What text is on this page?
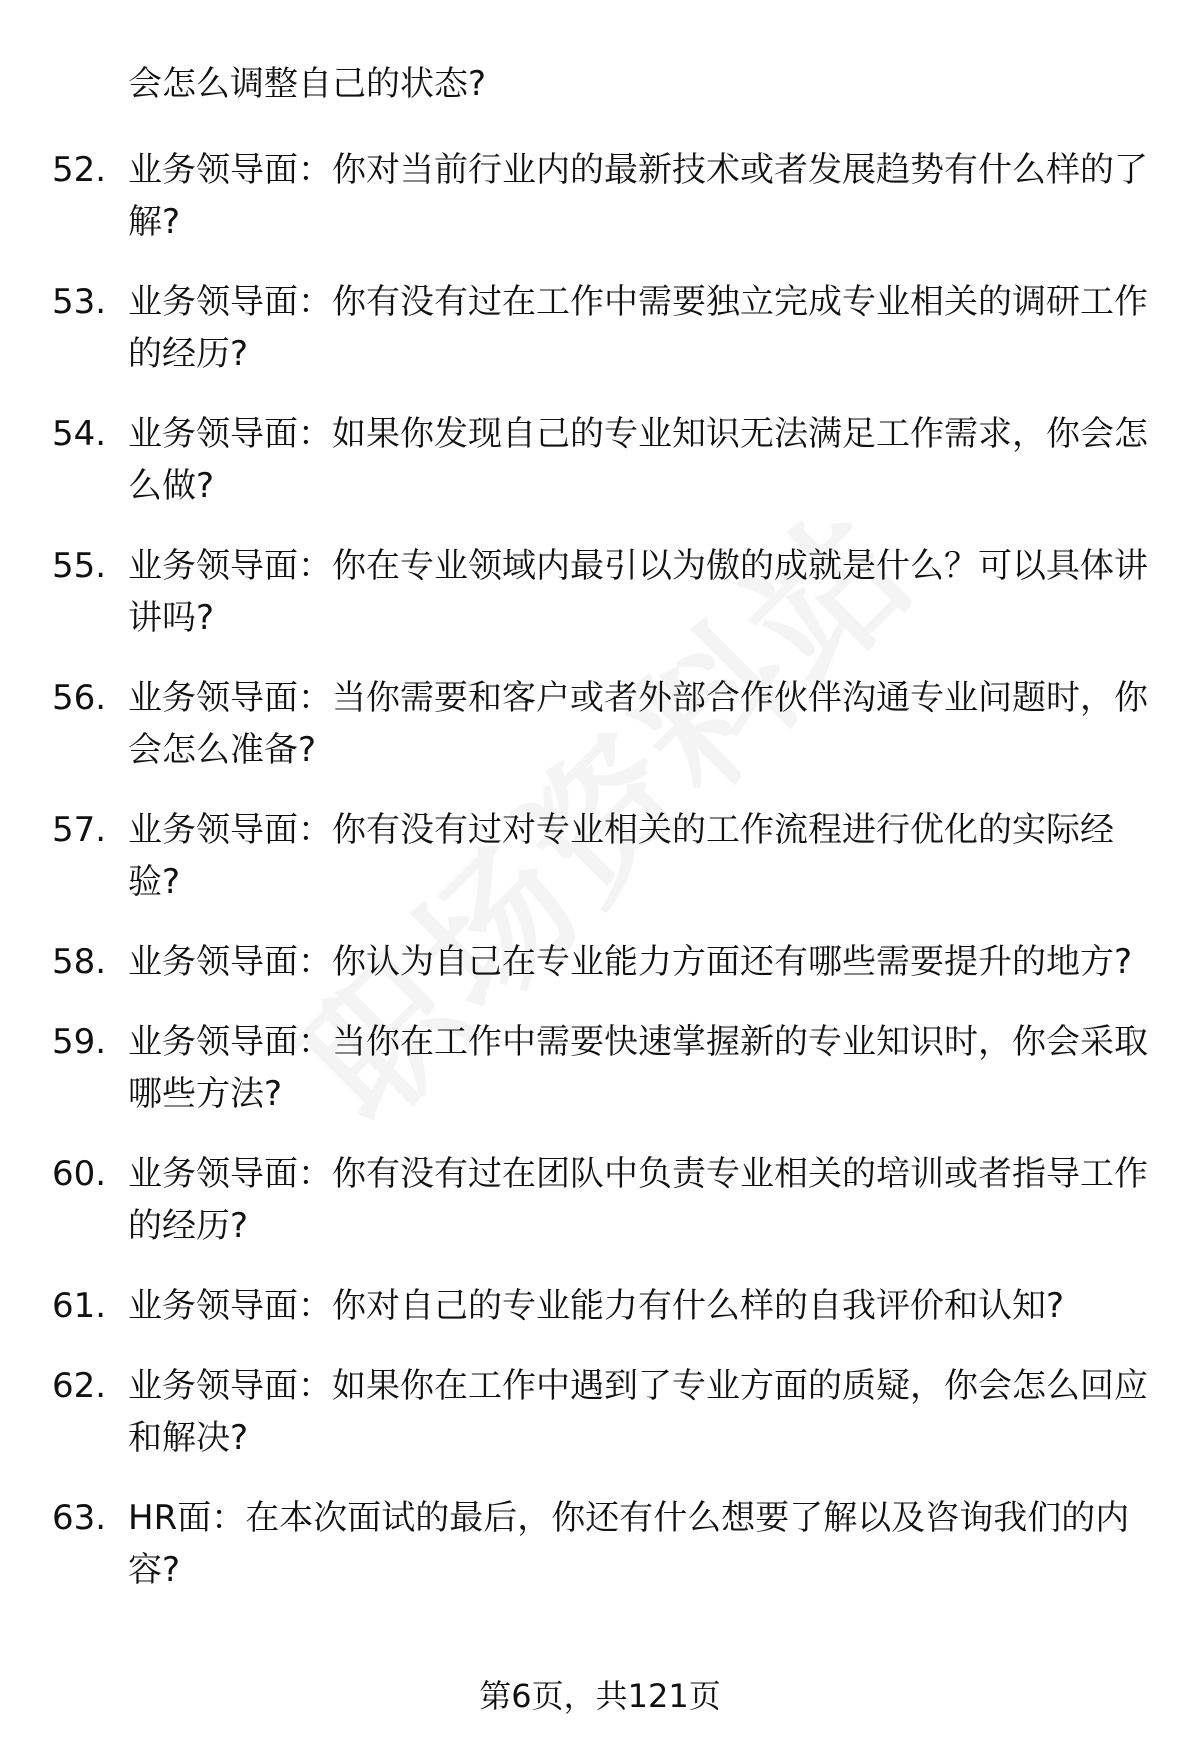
会怎么调整自己的状态?
52. 业务领导面：你对当前行业内的最新技术或者发展趋势有什么样的了解?
53. 业务领导面：你有没有过在工作中需要独立完成专业相关的调研工作的经历?
54. 业务领导面：如果你发现自己的专业知识无法满足工作需求，你会怎么做?
55. 业务领导面：你在专业领域内最引以为傲的成就是什么？可以具体讲讲吗?
56. 业务领导面：当你需要和客户或者外部合作伙伴沟通专业问题时，你会怎么准备?
57. 业务领导面：你有没有过对专业相关的工作流程进行优化的实际经验?
58. 业务领导面：你认为自己在专业能力方面还有哪些需要提升的地方?
59. 业务领导面：当你在工作中需要快速掌握新的专业知识时，你会采取哪些方法?
60. 业务领导面：你有没有过在团队中负责专业相关的培训或者指导工作的经历?
61. 业务领导面：你对自己的专业能力有什么样的自我评价和认知?
62. 业务领导面：如果你在工作中遇到了专业方面的质疑，你会怎么回应和解决?
63. HR面：在本次面试的最后，你还有什么想要了解以及咨询我们的内容?
第6页，共121页
